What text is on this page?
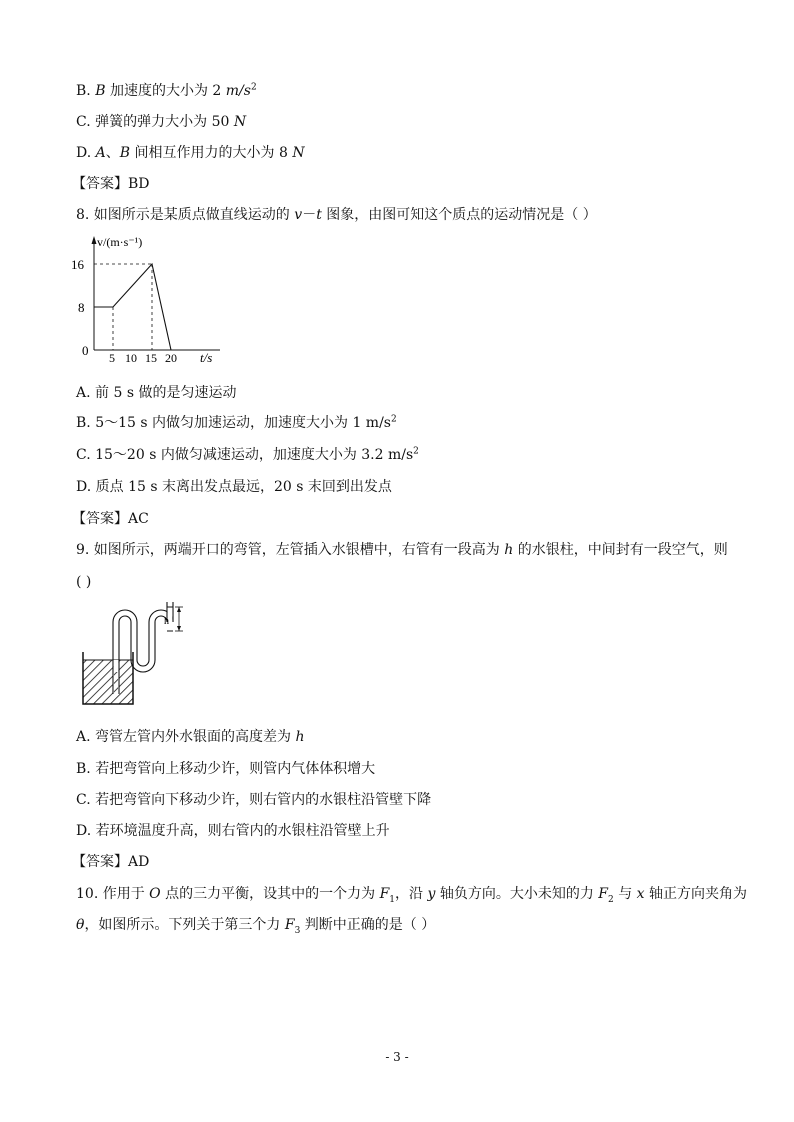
B. B 加速度的大小为 2 $m/s^2$
C. 弹簧的弹力大小为 50 N
D. A、B 间相互作用力的大小为 8 N
【答案】BD
8. 如图所示是某质点做直线运动的 v－t 图象，由图可知这个质点的运动情况是（ ）
v/(m·s⁻¹)
16
8
0 5 10 15 20 t/s
A. 前 5 s 做的是匀速运动
B. 5～15 s 内做匀加速运动，加速度大小为 1 $m/s^2$
C. 15～20 s 内做匀减速运动，加速度大小为 3.2 $m/s^2$
D. 质点 15 s 末离出发点最远，20 s 末回到出发点
【答案】AC
9. 如图所示，两端开口的弯管，左管插入水银槽中，右管有一段高为 h 的水银柱，中间封有一段空气，则
( )
h
A. 弯管左管内外水银面的高度差为 h
B. 若把弯管向上移动少许，则管内气体体积增大
C. 若把弯管向下移动少许，则右管内的水银柱沿管壁下降
D. 若环境温度升高，则右管内的水银柱沿管壁上升
【答案】AD
10. 作用于 O 点的三力平衡，设其中的一个力为 $F_1$，沿 y 轴负方向。大小未知的力 $F_2$ 与 x 轴正方向夹角为
θ，如图所示。下列关于第三个力 $F_3$ 判断中正确的是（ ）
- 3 -
